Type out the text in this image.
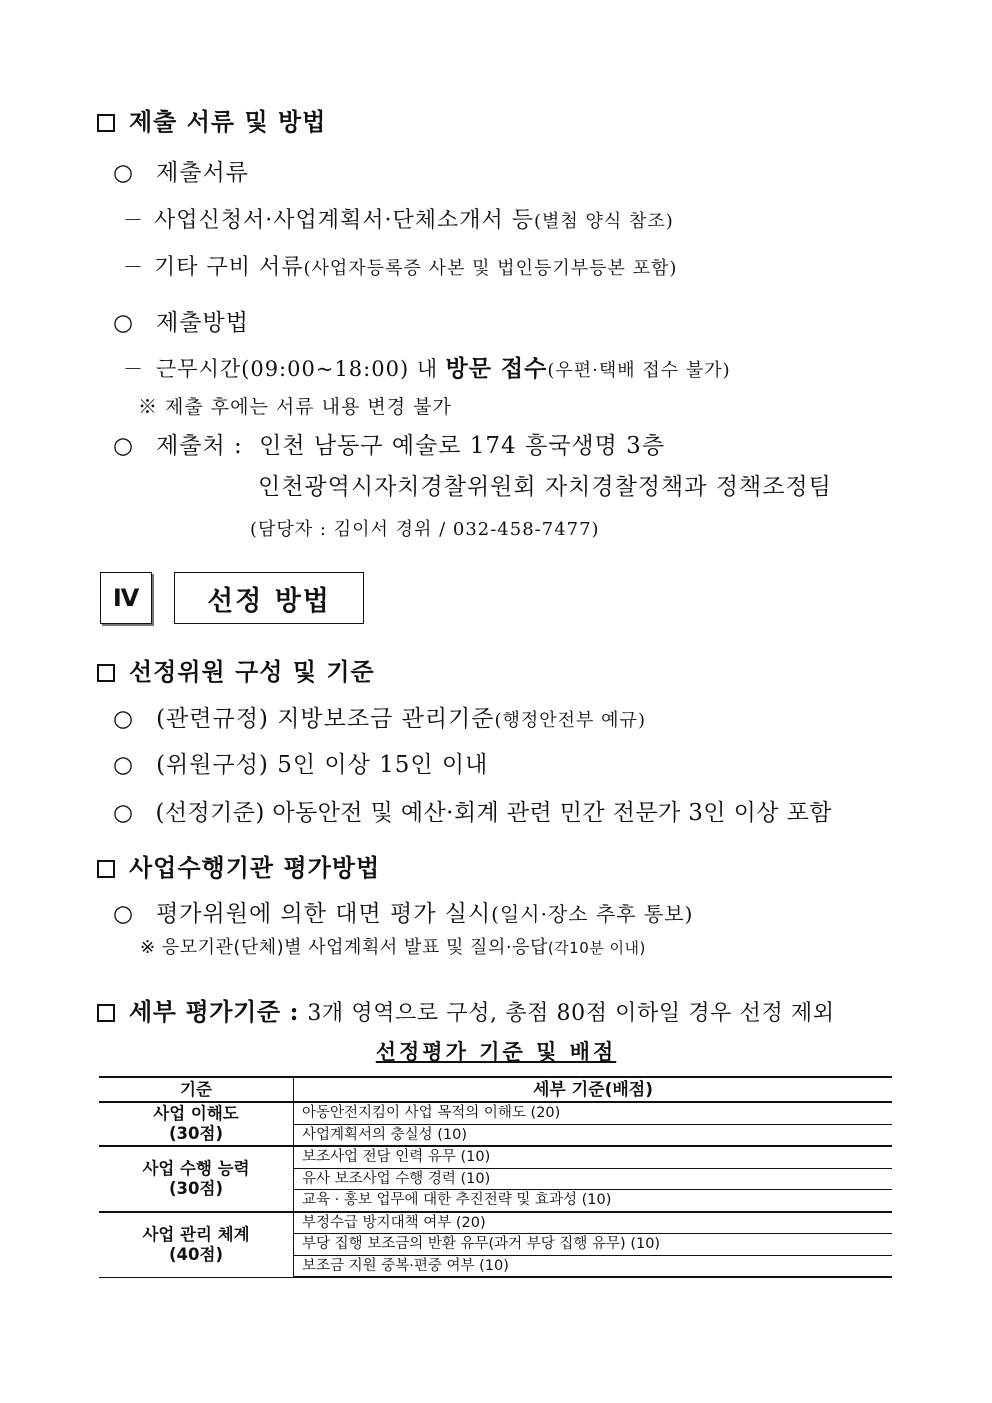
제출 서류 및 방법
○ 제출서류
－ 사업신청서·사업계획서·단체소개서 등(별첨 양식 참조)
－ 기타 구비 서류(사업자등록증 사본 및 법인등기부등본 포함)
○ 제출방법
－ 근무시간(09:00~18:00) 내 방문 접수(우편·택배 접수 불가)
※ 제출 후에는 서류 내용 변경 불가
○ 제출처 : 인천 남동구 예술로 174 흥국생명 3층
인천광역시자치경찰위원회 자치경찰정책과 정책조정팀
(담당자 : 김이서 경위 / 032-458-7477)
Ⅳ	선정 방법
선정위원 구성 및 기준
○ (관련규정) 지방보조금 관리기준(행정안전부 예규)
○ (위원구성) 5인 이상 15인 이내
○ (선정기준) 아동안전 및 예산·회계 관련 민간 전문가 3인 이상 포함
사업수행기관 평가방법
○ 평가위원에 의한 대면 평가 실시(일시·장소 추후 통보)
※ 응모기관(단체)별 사업계획서 발표 및 질의·응답(각10분 이내)
세부 평가기준 : 3개 영역으로 구성, 총점 80점 이하일 경우 선정 제외
선정평가 기준 및 배점
기준	세부 기준(배점)

사업 이해도
(30점)	아동안전지킴이 사업 목적의 이해도 (20)
	사업계획서의 충실성 (10)

사업 수행 능력
(30점)	보조사업 전담 인력 유무 (10)
	유사 보조사업 수행 경력 (10)
	교육 · 홍보 업무에 대한 추진전략 및 효과성 (10)

사업 관리 체계
(40점)	부정수급 방지대책 여부 (20)
	부당 집행 보조금의 반환 유무(과거 부당 집행 유무) (10)
	보조금 지원 중복·편중 여부 (10)
